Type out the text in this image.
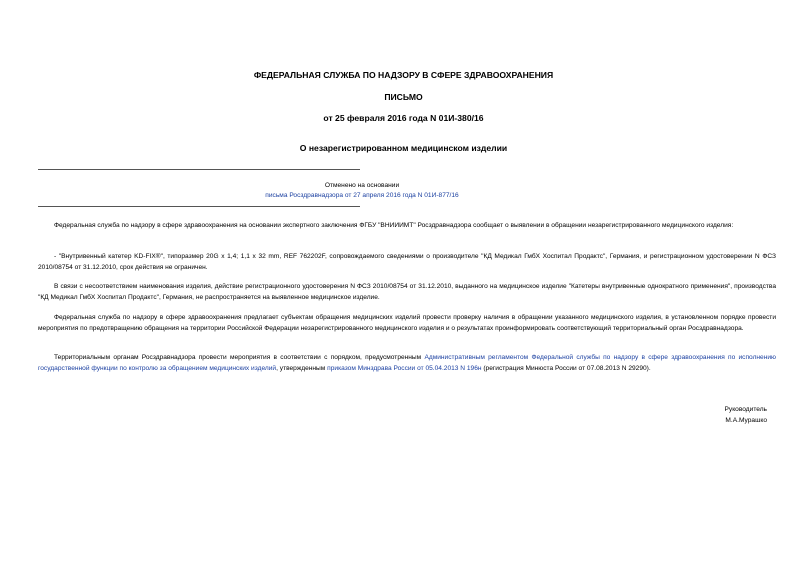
ФЕДЕРАЛЬНАЯ СЛУЖБА ПО НАДЗОРУ В СФЕРЕ ЗДРАВООХРАНЕНИЯ
ПИСЬМО
от 25 февраля 2016 года N 01И-380/16
О незарегистрированном медицинском изделии
Отменено на основании
письма Росздравнадзора от 27 апреля 2016 года N 01И-877/16
Федеральная служба по надзору в сфере здравоохранения на основании экспертного заключения ФГБУ "ВНИИИМТ" Росздравнадзора сообщает о выявлении в обращении незарегистрированного медицинского изделия:
- "Внутривенный катетер KD-FIX®", типоразмер 20G x 1,4; 1,1 x 32 mm, REF 762202F, сопровождаемого сведениями о производителе "КД Медикал ГмбХ Хоспитал Продактс", Германия, и регистрационном удостоверении N ФСЗ 2010/08754 от 31.12.2010, срок действия не ограничен.
В связи с несоответствием наименования изделия, действие регистрационного удостоверения N ФСЗ 2010/08754 от 31.12.2010, выданного на медицинское изделие "Катетеры внутривенные однократного применения", производства "КД Медикал ГмбХ Хоспитал Продактс", Германия, не распространяется на выявленное медицинское изделие.
Федеральная служба по надзору в сфере здравоохранения предлагает субъектам обращения медицинских изделий провести проверку наличия в обращении указанного медицинского изделия, в установленном порядке провести мероприятия по предотвращению обращения на территории Российской Федерации незарегистрированного медицинского изделия и о результатах проинформировать соответствующий территориальный орган Росздравнадзора.
Территориальным органам Росздравнадзора провести мероприятия в соответствии с порядком, предусмотренным Административным регламентом Федеральной службы по надзору в сфере здравоохранения по исполнению государственной функции по контролю за обращением медицинских изделий, утвержденным приказом Минздрава России от 05.04.2013 N 196н (регистрация Минюста России от 07.08.2013 N 29290).
Руководитель
М.А.Мурашко
